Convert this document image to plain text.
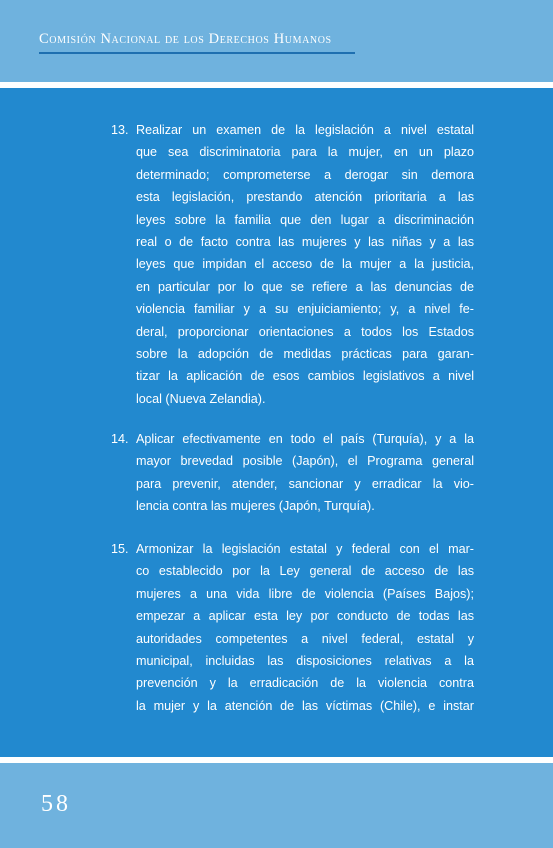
Comisión Nacional de los Derechos Humanos
13. Realizar un examen de la legislación a nivel estatal
que sea discriminatoria para la mujer, en un plazo
determinado; comprometerse a derogar sin demora
esta legislación, prestando atención prioritaria a las
leyes sobre la familia que den lugar a discriminación
real o de facto contra las mujeres y las niñas y a las
leyes que impidan el acceso de la mujer a la justicia,
en particular por lo que se refiere a las denuncias de
violencia familiar y a su enjuiciamiento; y, a nivel fe-
deral, proporcionar orientaciones a todos los Estados
sobre la adopción de medidas prácticas para garan-
tizar la aplicación de esos cambios legislativos a nivel
local (Nueva Zelandia).
14. Aplicar efectivamente en todo el país (Turquía), y a la
mayor brevedad posible (Japón), el Programa general
para prevenir, atender, sancionar y erradicar la vio-
lencia contra las mujeres (Japón, Turquía).
15. Armonizar la legislación estatal y federal con el mar-
co establecido por la Ley general de acceso de las
mujeres a una vida libre de violencia (Países Bajos);
empezar a aplicar esta ley por conducto de todas las
autoridades competentes a nivel federal, estatal y
municipal, incluidas las disposiciones relativas a la
prevención y la erradicación de la violencia contra
la mujer y la atención de las víctimas (Chile), e instar
58
